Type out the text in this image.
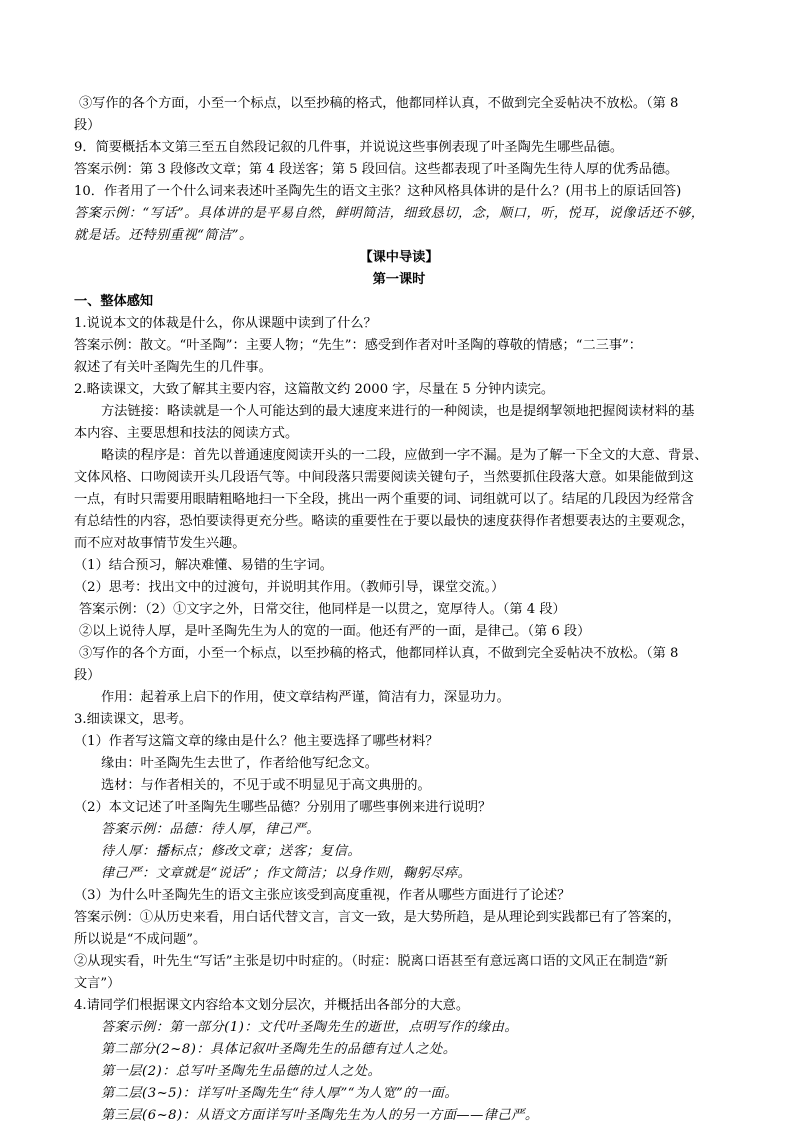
③写作的各个方面，小至一个标点，以至抄稿的格式，他都同样认真，不做到完全妥帖决不放松。（第 8
段）
9．简要概括本文第三至五自然段记叙的几件事，并说说这些事例表现了叶圣陶先生哪些品德。
答案示例：第 3 段修改文章；第 4 段送客；第 5 段回信。这些都表现了叶圣陶先生待人厚的优秀品德。
10．作者用了一个什么词来表述叶圣陶先生的语文主张？这种风格具体讲的是什么？(用书上的原话回答)
答案示例：“写话”。具体讲的是平易自然，鲜明简洁，细致恳切，念，顺口，听，悦耳，说像话还不够，
就是话。还特别重视“简洁”。
【课中导读】
第一课时
一、整体感知
1.说说本文的体裁是什么，你从课题中读到了什么？
答案示例：散文。“叶圣陶”：主要人物；“先生”：感受到作者对叶圣陶的尊敬的情感；“二三事”：
叙述了有关叶圣陶先生的几件事。
2.略读课文，大致了解其主要内容，这篇散文约 2000 字，尽量在 5 分钟内读完。
方法链接：略读就是一个人可能达到的最大速度来进行的一种阅读，也是提纲挈领地把握阅读材料的基
本内容、主要思想和技法的阅读方式。
略读的程序是：首先以普通速度阅读开头的一二段，应做到一字不漏。是为了解一下全文的大意、背景、
文体风格、口吻阅读开头几段语气等。中间段落只需要阅读关键句子，当然要抓住段落大意。如果能做到这
一点，有时只需要用眼睛粗略地扫一下全段，挑出一两个重要的词、词组就可以了。结尾的几段因为经常含
有总结性的内容，恐怕要读得更充分些。略读的重要性在于要以最快的速度获得作者想要表达的主要观念，
而不应对故事情节发生兴趣。
（1）结合预习，解决难懂、易错的生字词。
（2）思考：找出文中的过渡句，并说明其作用。（教师引导，课堂交流。）
答案示例：（2）①文字之外，日常交往，他同样是一以贯之，宽厚待人。（第 4 段）
②以上说待人厚，是叶圣陶先生为人的宽的一面。他还有严的一面，是律己。（第 6 段）
③写作的各个方面，小至一个标点，以至抄稿的格式，他都同样认真，不做到完全妥帖决不放松。（第 8
段）
作用：起着承上启下的作用，使文章结构严谨，简洁有力，深显功力。
3.细读课文，思考。
（1）作者写这篇文章的缘由是什么？他主要选择了哪些材料？
缘由：叶圣陶先生去世了，作者给他写纪念文。
选材：与作者相关的，不见于或不明显见于高文典册的。
（2）本文记述了叶圣陶先生哪些品德？分别用了哪些事例来进行说明？
答案示例：品德：待人厚，律己严。
待人厚：播标点；修改文章；送客；复信。
律己严：文章就是“说话”；作文简洁；以身作则，鞠躬尽瘁。
（3）为什么叶圣陶先生的语文主张应该受到高度重视，作者从哪些方面进行了论述？
答案示例：①从历史来看，用白话代替文言，言文一致，是大势所趋，是从理论到实践都已有了答案的，
所以说是“不成问题”。
②从现实看，叶先生“写话”主张是切中时症的。（时症：脱离口语甚至有意远离口语的文风正在制造“新
文言”）
4.请同学们根据课文内容给本文划分层次，并概括出各部分的大意。
答案示例：第一部分(1)：文代叶圣陶先生的逝世，点明写作的缘由。
第二部分(2~8)：具体记叙叶圣陶先生的品德有过人之处。
第一层(2)：总写叶圣陶先生品德的过人之处。
第二层(3~5)：详写叶圣陶先生“待人厚”“为人宽”的一面。
第三层(6~8)：从语文方面详写叶圣陶先生为人的另一方面——律己严。
